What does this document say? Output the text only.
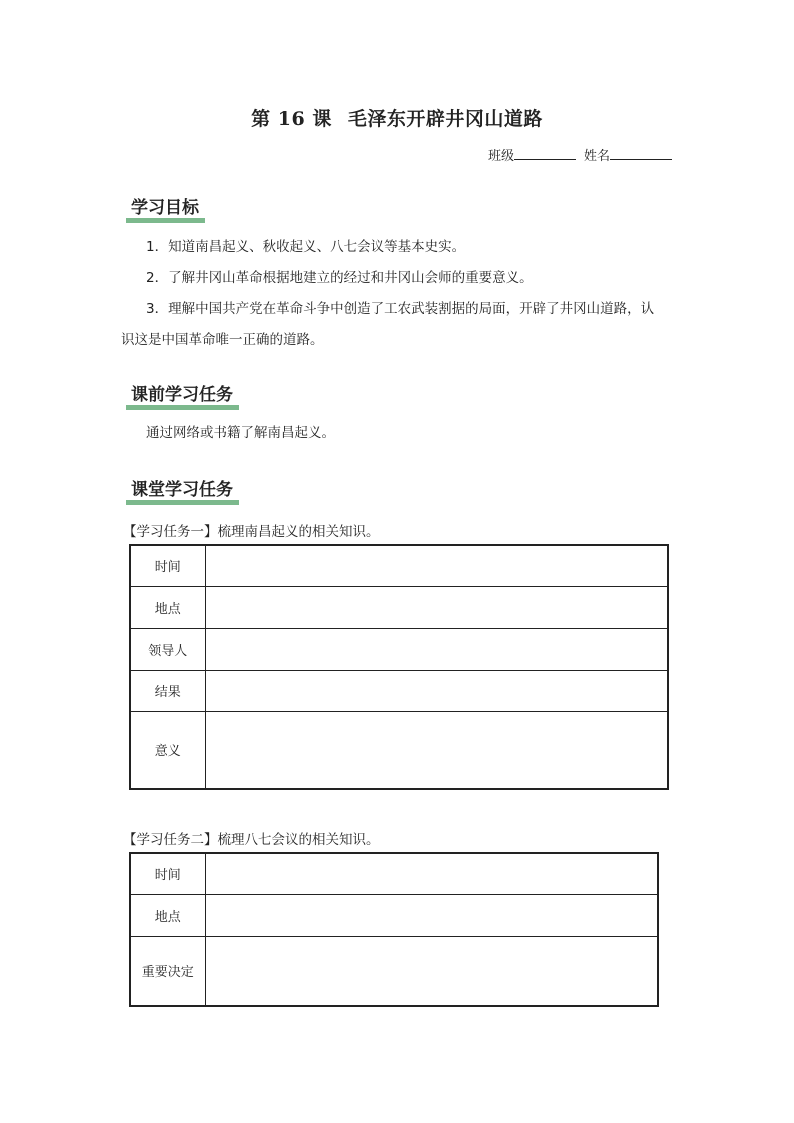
第 16 课 毛泽东开辟井冈山道路
班级	姓名
学习目标
1．知道南昌起义、秋收起义、八七会议等基本史实。
2．了解井冈山革命根据地建立的经过和井冈山会师的重要意义。
3．理解中国共产党在革命斗争中创造了工农武装割据的局面，开辟了井冈山道路，认
识这是中国革命唯一正确的道路。
课前学习任务
通过网络或书籍了解南昌起义。
课堂学习任务
【学习任务一】梳理南昌起义的相关知识。
时间	
地点	
领导人	
结果	
意义	
【学习任务二】梳理八七会议的相关知识。
时间	
地点	
重要决定	
